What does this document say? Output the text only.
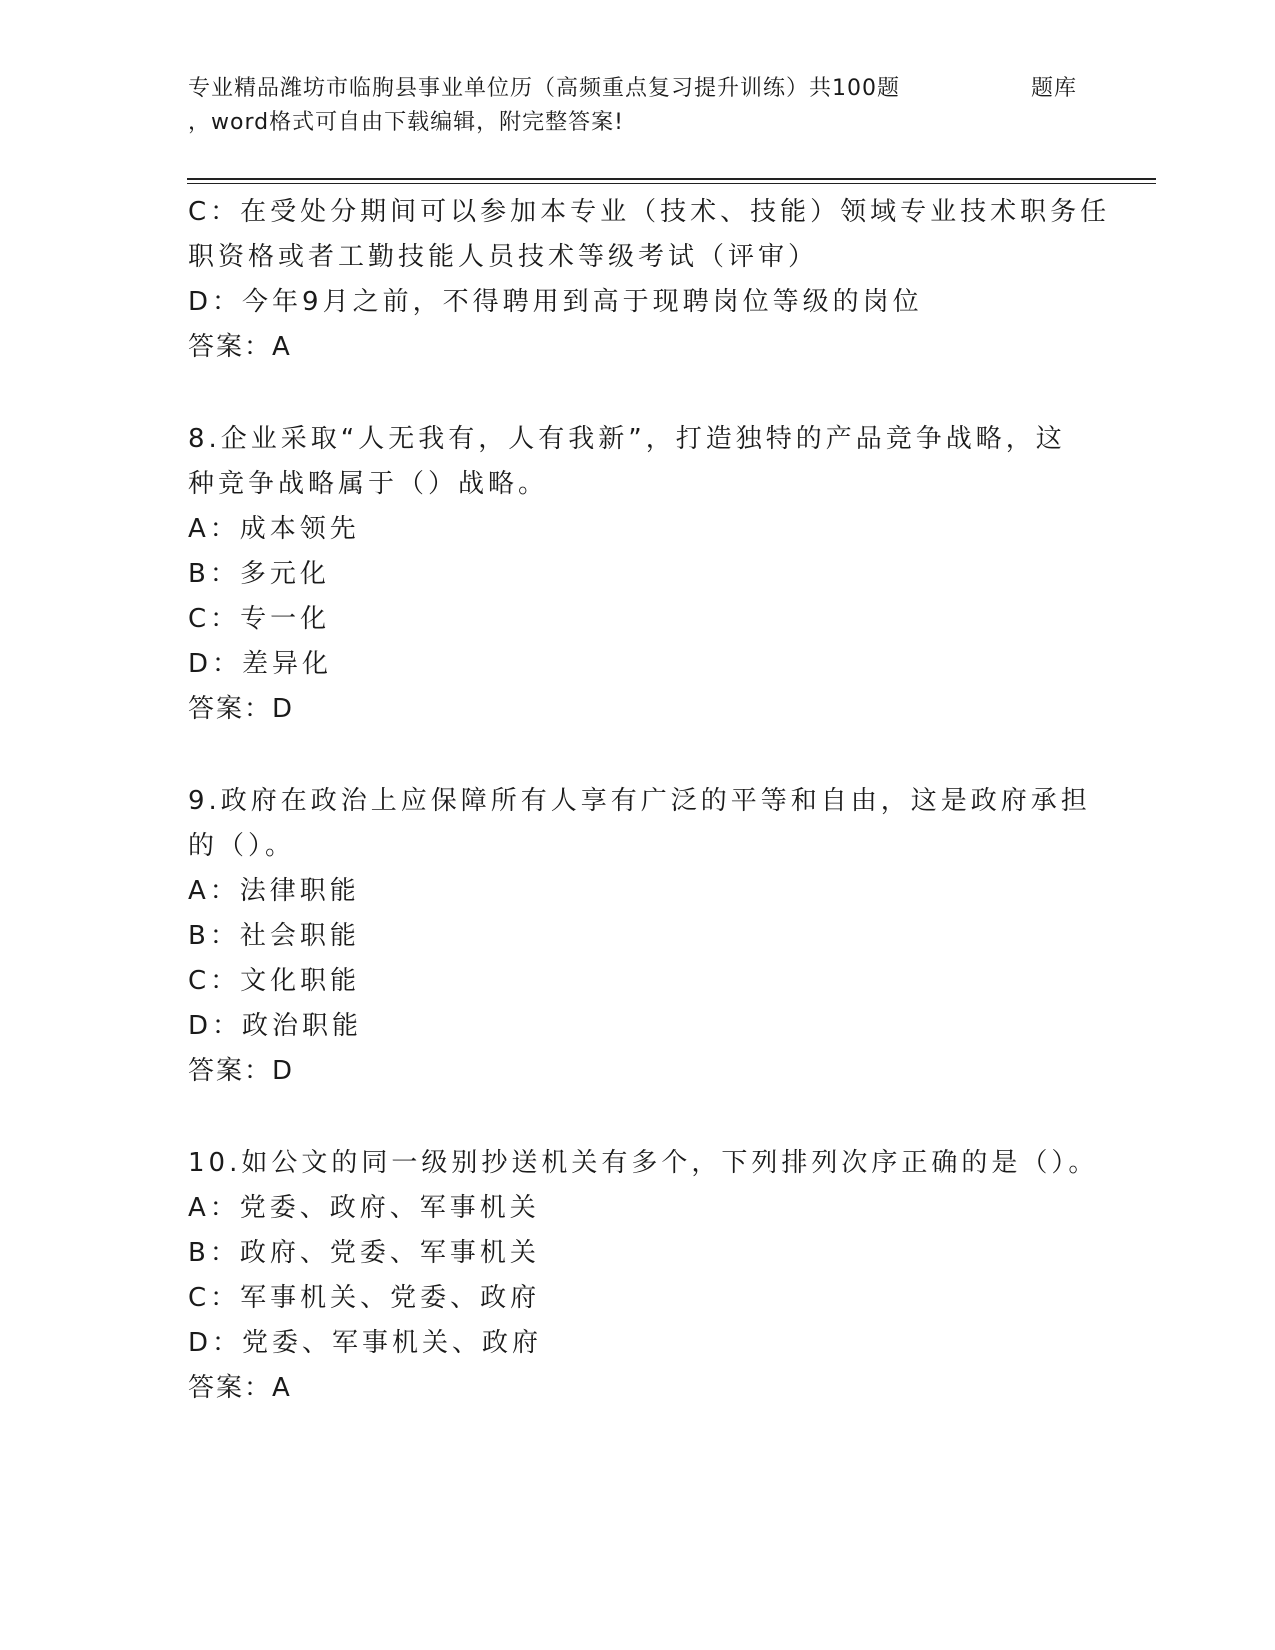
专业精品潍坊市临朐县事业单位历（高频重点复习提升训练）共100题	题库
，word格式可自由下载编辑，附完整答案!
C：在受处分期间可以参加本专业（技术、技能）领域专业技术职务任
职资格或者工勤技能人员技术等级考试（评审）
D：今年9月之前，不得聘用到高于现聘岗位等级的岗位
答案：A
8.企业采取“人无我有，人有我新”，打造独特的产品竞争战略，这
种竞争战略属于（）战略。
A：成本领先
B：多元化
C：专一化
D：差异化
答案：D
9.政府在政治上应保障所有人享有广泛的平等和自由，这是政府承担
的（）。
A：法律职能
B：社会职能
C：文化职能
D：政治职能
答案：D
10.如公文的同一级别抄送机关有多个，下列排列次序正确的是（）。
A：党委、政府、军事机关
B：政府、党委、军事机关
C：军事机关、党委、政府
D：党委、军事机关、政府
答案：A
